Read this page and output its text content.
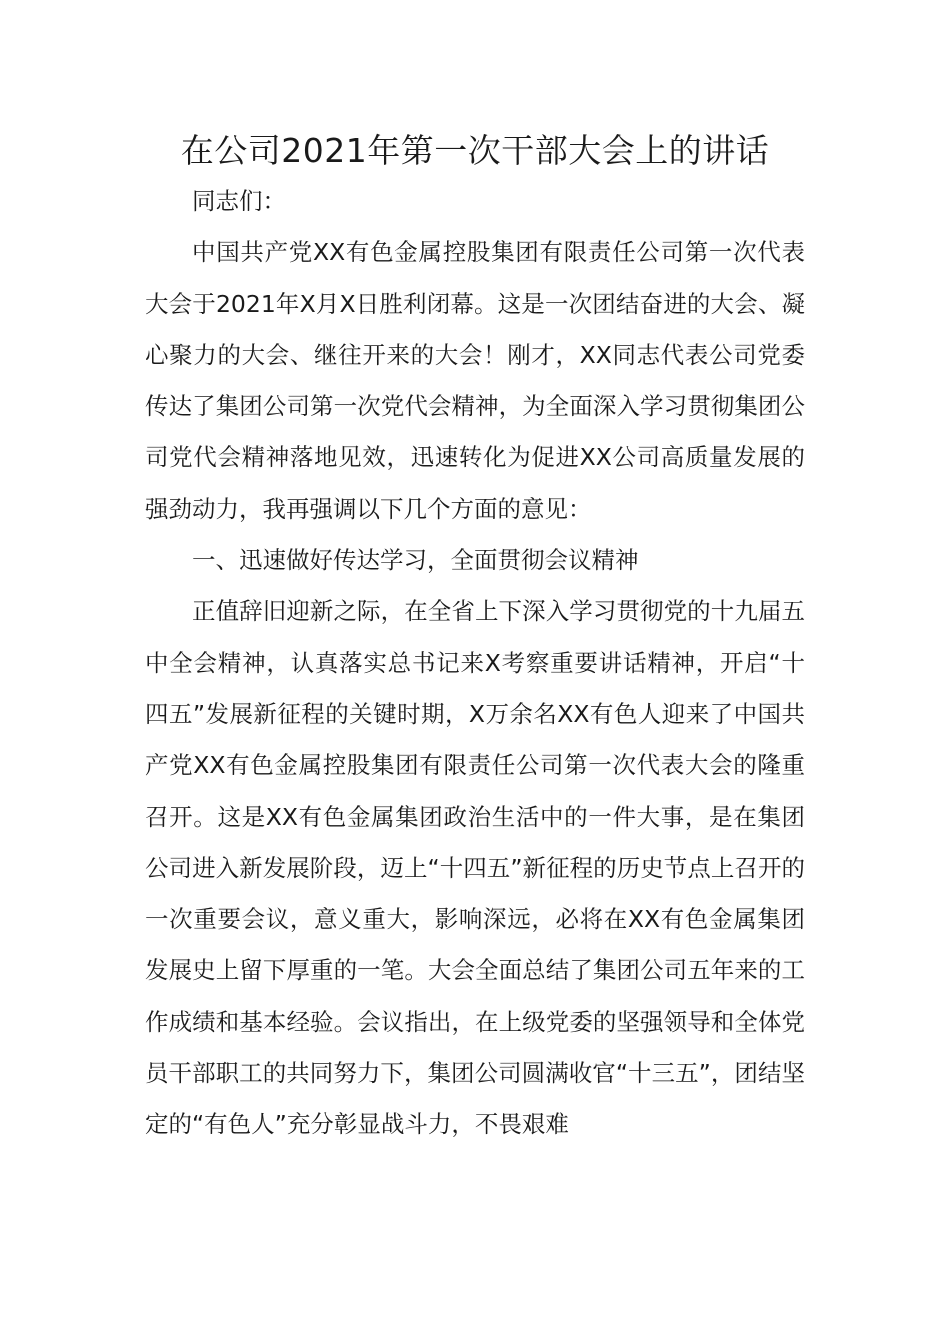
在公司2021年第一次干部大会上的讲话

同志们：

中国共产党XX有色金属控股集团有限责任公司第一次代表大会于2021年X月X日胜利闭幕。这是一次团结奋进的大会、凝心聚力的大会、继往开来的大会！刚才，XX同志代表公司党委传达了集团公司第一次党代会精神，为全面深入学习贯彻集团公司党代会精神落地见效，迅速转化为促进XX公司高质量发展的强劲动力，我再强调以下几个方面的意见：

一、迅速做好传达学习，全面贯彻会议精神

正值辞旧迎新之际，在全省上下深入学习贯彻党的十九届五中全会精神，认真落实总书记来X考察重要讲话精神，开启“十四五”发展新征程的关键时期，X万余名XX有色人迎来了中国共产党XX有色金属控股集团有限责任公司第一次代表大会的隆重召开。这是XX有色金属集团政治生活中的一件大事，是在集团公司进入新发展阶段，迈上“十四五”新征程的历史节点上召开的一次重要会议，意义重大，影响深远，必将在XX有色金属集团发展史上留下厚重的一笔。大会全面总结了集团公司五年来的工作成绩和基本经验。会议指出，在上级党委的坚强领导和全体党员干部职工的共同努力下，集团公司圆满收官“十三五”，团结坚定的“有色人”充分彰显战斗力，不畏艰难
